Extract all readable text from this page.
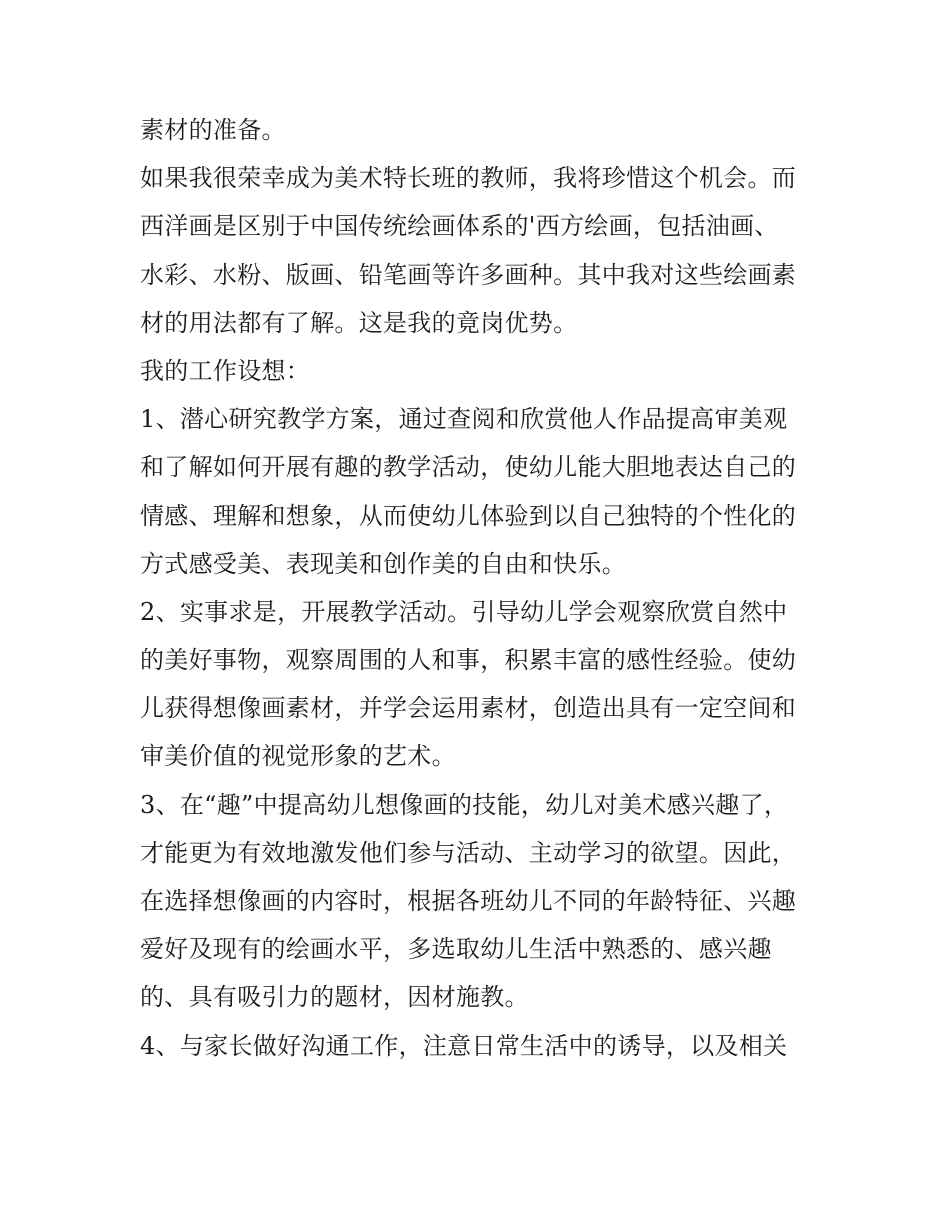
素材的准备。
如果我很荣幸成为美术特长班的教师，我将珍惜这个机会。而
西洋画是区别于中国传统绘画体系的'西方绘画，包括油画、
水彩、水粉、版画、铅笔画等许多画种。其中我对这些绘画素
材的用法都有了解。这是我的竟岗优势。
我的工作设想：
1、潜心研究教学方案，通过查阅和欣赏他人作品提高审美观
和了解如何开展有趣的教学活动，使幼儿能大胆地表达自己的
情感、理解和想象，从而使幼儿体验到以自己独特的个性化的
方式感受美、表现美和创作美的自由和快乐。
2、实事求是，开展教学活动。引导幼儿学会观察欣赏自然中
的美好事物，观察周围的人和事，积累丰富的感性经验。使幼
儿获得想像画素材，并学会运用素材，创造出具有一定空间和
审美价值的视觉形象的艺术。
3、在“趣”中提高幼儿想像画的技能，幼儿对美术感兴趣了，
才能更为有效地激发他们参与活动、主动学习的欲望。因此，
在选择想像画的内容时，根据各班幼儿不同的年龄特征、兴趣
爱好及现有的绘画水平，多选取幼儿生活中熟悉的、感兴趣
的、具有吸引力的题材，因材施教。
4、与家长做好沟通工作，注意日常生活中的诱导，以及相关
